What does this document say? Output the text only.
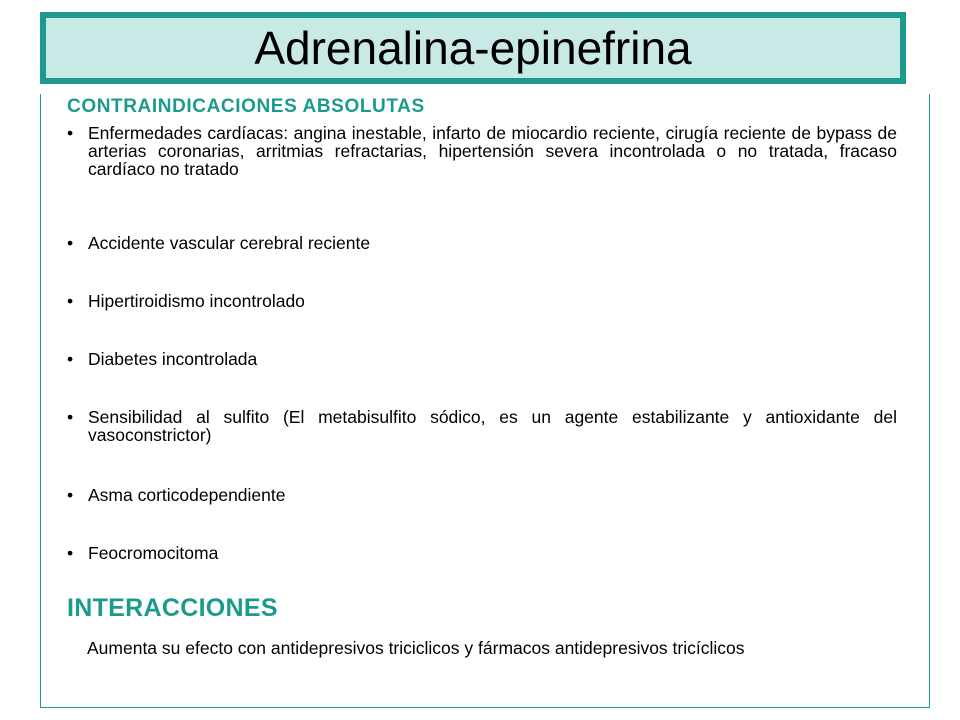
Adrenalina-epinefrina
CONTRAINDICACIONES ABSOLUTAS
• Enfermedades cardíacas: angina inestable, infarto de miocardio reciente, cirugía reciente de bypass de arterias coronarias, arritmias refractarias, hipertensión severa incontrolada o no tratada, fracaso cardíaco no tratado
• Accidente vascular cerebral reciente
• Hipertiroidismo incontrolado
• Diabetes incontrolada
• Sensibilidad al sulfito (El metabisulfito sódico, es un agente estabilizante y antioxidante del vasoconstrictor)
• Asma corticodependiente
• Feocromocitoma
INTERACCIONES
Aumenta su efecto con antidepresivos triciclicos y fármacos antidepresivos tricíclicos
